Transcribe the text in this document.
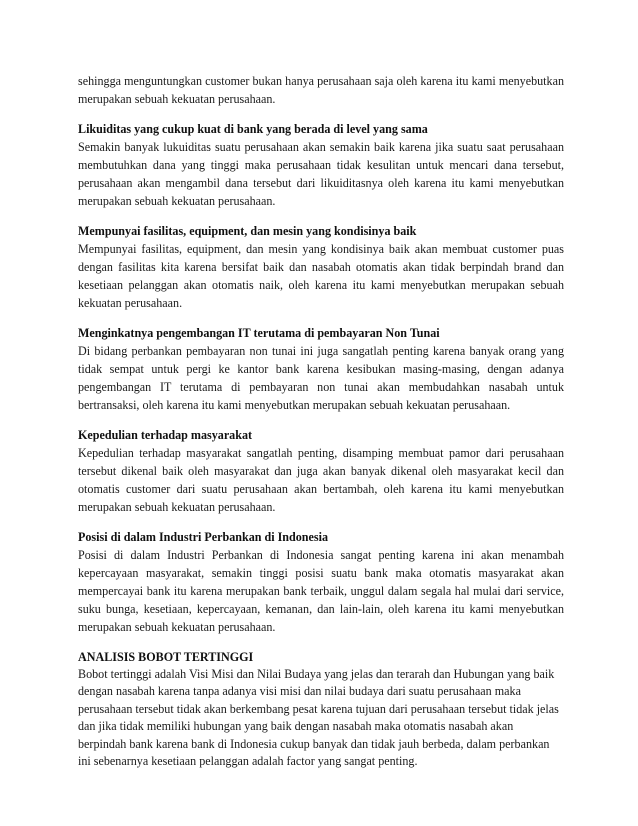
sehingga menguntungkan customer bukan hanya perusahaan saja oleh karena itu kami menyebutkan merupakan sebuah kekuatan perusahaan.

Likuiditas yang cukup kuat di bank yang berada di level yang sama

Semakin banyak lukuiditas suatu perusahaan akan semakin baik karena jika suatu saat perusahaan membutuhkan dana yang tinggi maka perusahaan tidak kesulitan untuk mencari dana tersebut, perusahaan akan mengambil dana tersebut dari likuiditasnya oleh karena itu kami menyebutkan merupakan sebuah kekuatan perusahaan.

Mempunyai fasilitas, equipment, dan mesin yang kondisinya baik

Mempunyai fasilitas, equipment, dan mesin yang kondisinya baik akan membuat customer puas dengan fasilitas kita karena bersifat baik dan nasabah otomatis akan tidak berpindah brand dan kesetiaan pelanggan akan otomatis naik, oleh karena itu kami menyebutkan merupakan sebuah kekuatan perusahaan.

Menginkatnya pengembangan IT terutama di pembayaran Non Tunai

Di bidang perbankan pembayaran non tunai ini juga sangatlah penting karena banyak orang yang tidak sempat untuk pergi ke kantor bank karena kesibukan masing-masing, dengan adanya pengembangan IT terutama di pembayaran non tunai akan membudahkan nasabah untuk bertransaksi, oleh karena itu kami menyebutkan merupakan sebuah kekuatan perusahaan.

Kepedulian terhadap masyarakat

Kepedulian terhadap masyarakat sangatlah penting, disamping membuat pamor dari perusahaan tersebut dikenal baik oleh masyarakat dan juga akan banyak dikenal oleh masyarakat kecil dan otomatis customer dari suatu perusahaan akan bertambah, oleh karena itu kami menyebutkan merupakan sebuah kekuatan perusahaan.

Posisi di dalam Industri Perbankan di Indonesia

Posisi di dalam Industri Perbankan di Indonesia sangat penting karena ini akan menambah kepercayaan masyarakat, semakin tinggi posisi suatu bank maka otomatis masyarakat akan mempercayai bank itu karena merupakan bank terbaik, unggul dalam segala hal mulai dari service, suku bunga, kesetiaan, kepercayaan, kemanan, dan lain-lain, oleh karena itu kami menyebutkan merupakan sebuah kekuatan perusahaan.

ANALISIS BOBOT TERTINGGI

Bobot tertinggi adalah Visi Misi dan Nilai Budaya yang jelas dan terarah dan Hubungan yang baik dengan nasabah karena tanpa adanya visi misi dan nilai budaya dari suatu perusahaan maka perusahaan tersebut tidak akan berkembang pesat karena tujuan dari perusahaan tersebut tidak jelas dan jika tidak memiliki hubungan yang baik dengan nasabah maka otomatis nasabah akan berpindah bank karena bank di Indonesia cukup banyak dan tidak jauh berbeda, dalam perbankan ini sebenarnya kesetiaan pelanggan adalah factor yang sangat penting.
